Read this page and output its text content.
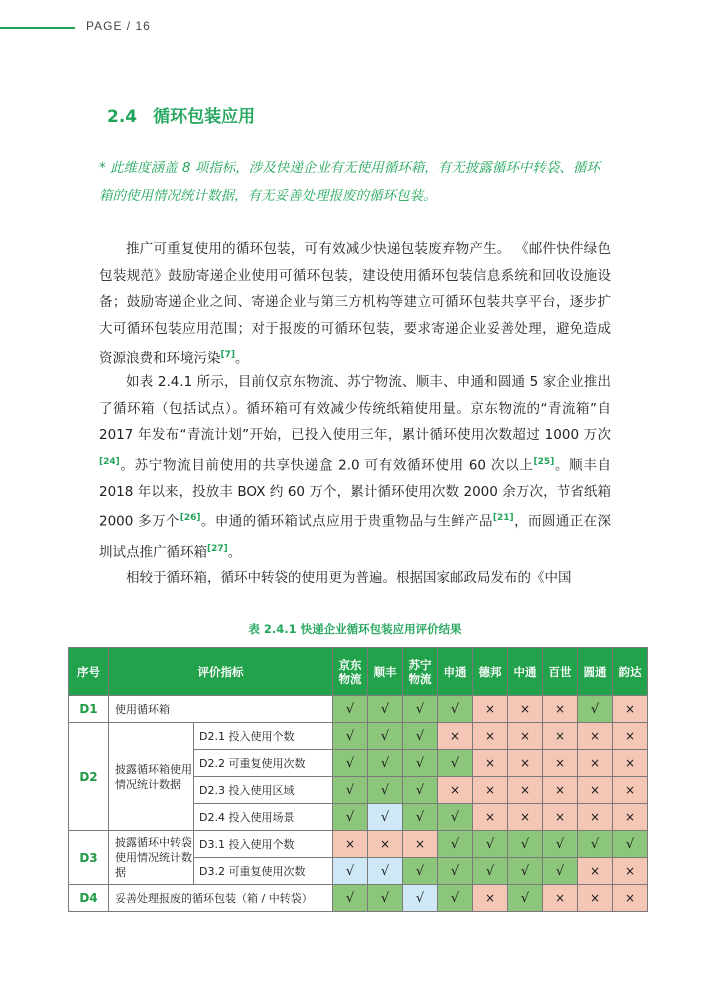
PAGE / 16
2.4 循环包装应用
* 此维度涵盖 8 项指标，涉及快递企业有无使用循环箱，有无披露循环中转袋、循环箱的使用情况统计数据，有无妥善处理报废的循环包装。

推广可重复使用的循环包装，可有效减少快递包装废弃物产生。 《邮件快件绿色包装规范》鼓励寄递企业使用可循环包装，建设使用循环包装信息系统和回收设施设备；鼓励寄递企业之间、寄递企业与第三方机构等建立可循环包装共享平台，逐步扩大可循环包装应用范围；对于报废的可循环包装，要求寄递企业妥善处理，避免造成资源浪费和环境污染[7]。

如表 2.4.1 所示，目前仅京东物流、苏宁物流、顺丰、申通和圆通 5 家企业推出了循环箱（包括试点）。循环箱可有效减少传统纸箱使用量。京东物流的“青流箱”自 2017 年发布“青流计划”开始，已投入使用三年，累计循环使用次数超过 1000 万次[24]。苏宁物流目前使用的共享快递盒 2.0 可有效循环使用 60 次以上[25]。顺丰自 2018 年以来，投放丰 BOX 约 60 万个，累计循环使用次数 2000 余万次，节省纸箱 2000 多万个[26]。申通的循环箱试点应用于贵重物品与生鲜产品[21]，而圆通正在深圳试点推广循环箱[27]。

相较于循环箱，循环中转袋的使用更为普遍。根据国家邮政局发布的《中国

表 2.4.1 快递企业循环包装应用评价结果
序号	评价指标		京东物流	顺丰	苏宁物流	申通	德邦	中通	百世	圆通	韵达
D1	使用循环箱		√	√	√	√	×	×	×	√	×
D2	披露循环箱使用情况统计数据	D2.1 投入使用个数	√	√	√	×	×	×	×	×	×
		D2.2 可重复使用次数	√	√	√	√	×	×	×	×	×
		D2.3 投入使用区域	√	√	√	×	×	×	×	×	×
		D2.4 投入使用场景	√	√	√	√	×	×	×	×	×
D3	披露循环中转袋使用情况统计数据	D3.1 投入使用个数	×	×	×	√	√	√	√	√	√
		D3.2 可重复使用次数	√	√	√	√	√	√	√	×	×
D4	妥善处理报废的循环包装（箱 / 中转袋）		√	√	√	√	×	√	×	×	×
